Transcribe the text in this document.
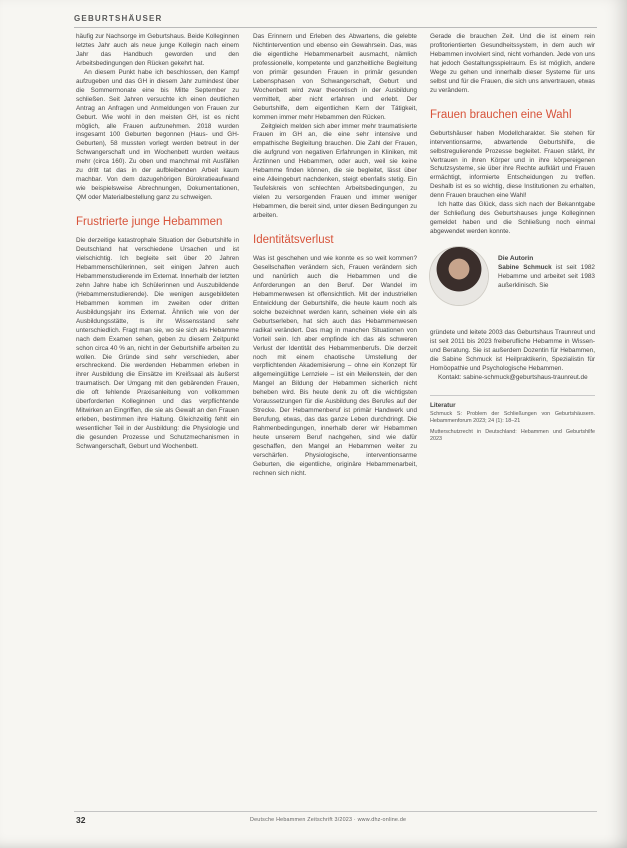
GEBURTSHÄUSER

häufig zur Nachsorge im Geburtshaus. Beide Kolleginnen letztes Jahr auch als neue junge Kollegin nach einem Jahr das Handbuch geworden und den Arbeitsbedingungen den Rücken gekehrt hat.

An diesem Punkt habe ich beschlossen, den Kampf aufzugeben und das GH in diesem Jahr zumindest über die Sommermonate eine bis Mitte September zu schließen. Seit Jahren versuchte ich einen deutlichen Antrag an Anfragen und Anmeldungen von Frauen zur Geburt. Wie wohl in den meisten GH, ist es nicht möglich, alle Frauen aufzunehmen. 2018 wurden insgesamt 100 Geburten begonnen (Haus- und GH-Geburten), 58 mussten vorlegt werden betreut in der Schwangerschaft und im Wochenbett wurden weitaus mehr (circa 160). Zu oben und manchmal mit Ausfällen zu dritt tat das in der aufbleibenden Arbeit kaum machbar. Von dem dazugehörigen Bürokratieaufwand wie beispielsweise Abrechnungen, Dokumentationen, QM oder Materialbestellung ganz zu schweigen.

Frustrierte junge Hebammen

Die derzeitige katastrophale Situation der Geburtshilfe in Deutschland hat verschiedene Ursachen und ist vielschichtig. Ich begleite seit über 20 Jahren Hebammenschülerinnen, seit einigen Jahren auch Hebammenstudierende im Externat. Innerhalb der letzten zehn Jahre habe ich Schülerinnen und Auszubildende (Hebammenstudierende). Die wenigen ausgebildeten Hebammen kommen im zweiten oder dritten Ausbildungsjahr ins Externat. Ähnlich wie von der Ausbildungsstätte, is ihr Wissensstand sehr unterschiedlich. Fragt man sie, wo sie sich als Hebamme nach dem Examen sehen, geben zu diesem Zeitpunkt schon circa 40 % an, nicht in der Geburtshilfe arbeiten zu wollen. Die Gründe sind sehr verschieden, aber erschreckend. Die werdenden Hebammen erleben in ihrer Ausbildung die Einsätze im Kreißsaal als äußerst traumatisch. Der Umgang mit den gebärenden Frauen, die oft fehlende Praxisanleitung von vollkommen überforderten Kolleginnen und das verpflichtende Mitwirken an Eingriffen, die sie als Gewalt an den Frauen erleben, bestimmen ihre Haltung. Gleichzeitig fehlt ein wesentlicher Teil in der Ausbildung: die Physiologie und die gesunden Prozesse und Schutzmechanismen in Schwangerschaft, Geburt und Wochenbett.

Das Erinnern und Erleben des Abwartens, die gelebte Nichtintervention und ebenso ein Gewahrsein. Das, was die eigentliche Hebammenarbeit ausmacht, nämlich professionelle, kompetente und ganzheitliche Begleitung von primär gesunden Frauen in primär gesunden Lebensphasen von Schwangerschaft, Geburt und Wochenbett wird zwar theoretisch in der Ausbildung vermittelt, aber nicht erfahren und erlebt. Der Geburtshilfe, dem eigentlichen Kern der Tätigkeit, kommen immer mehr Hebammen den Rücken.

Zeitgleich melden sich aber immer mehr traumatisierte Frauen im GH an, die eine sehr intensive und empathische Begleitung brauchen. Die Zahl der Frauen, die aufgrund von negativen Erfahrungen in Kliniken, mit Ärztinnen und Hebammen, oder auch, weil sie keine Hebamme finden können, die sie begleitet, lässt über eine Alleingeburt nachdenken, steigt ebenfalls stetig. Ein Teufelskreis von schlechten Arbeitsbedingungen, zu vielen zu versorgenden Frauen und immer weniger Hebammen, die bereit sind, unter diesen Bedingungen zu arbeiten.

Identitätsverlust

Was ist geschehen und wie konnte es so weit kommen? Gesellschaften verändern sich, Frauen verändern sich und nanürlich auch die Hebammen und die Anforderungen an den Beruf. Der Wandel im Hebammenwesen ist offensichtlich. Mit der industriellen Entwicklung der Geburtshilfe, die heute kaum noch als solche bezeichnet werden kann, scheinen viele ein als Geburtserleben, hat sich auch das Hebammenwesen radikal verändert. Das mag in manchen Situationen von Vorteil sein. Ich aber empfinde ich das als schweren Verlust der Identität des Hebammenberufs. Die derzeit noch mit einem chaotische Umstellung der verpflichtenden Akademisierung – ohne ein Konzept für allgemeingültige Lernziele – ist ein Meilenstein, der den Mangel an Bildung der Hebammen sicherlich nicht beheben wird. Bis heute denk zu oft die wichtigsten Voraussetzungen für die Ausbildung des Berufes auf der Strecke. Der Hebammenberuf ist primär Handwerk und Berufung, etwas, das das ganze Leben durchdringt. Die Rahmenbedingungen, innerhalb derer wir Hebammen heute unserem Beruf nachgehen, sind wie dafür geschaffen, den Mangel an Hebammen weiter zu verschärfen. Physiologische, interventionsarme Geburten, die eigentliche, originäre Hebammenarbeit, rechnen sich nicht.

Gerade die brauchen Zeit. Und die ist einem rein profitorientierten Gesundheitssystem, in dem auch wir Hebammen involviert sind, nicht vorhanden. Jede von uns hat jedoch Gestaltungsspielraum. Es ist möglich, andere Wege zu gehen und innerhalb dieser Systeme für uns selbst und für die Frauen, die sich uns anvertrauen, etwas zu verändern.

Frauen brauchen eine Wahl

Geburtshäuser haben Modellcharakter. Sie stehen für interventionsarme, abwartende Geburtshilfe, die selbstregulierende Prozesse begleitet. Frauen stärkt, ihr Vertrauen in ihren Körper und in ihre körpereigenen Schutzsysteme, sie über ihre Rechte aufklärt und Frauen ermächtigt, informierte Entscheidungen zu treffen. Deshalb ist es so wichtig, diese Institutionen zu erhalten, denn Frauen brauchen eine Wahl!

Ich hatte das Glück, dass sich nach der Bekanntgabe der Schließung des Geburtshauses junge Kolleginnen gemeldet haben und die Schließung noch einmal abgewendet werden konnte.

Die Autorin
Sabine Schmuck ist seit 1982 Hebamme und arbeitet seit 1983 außerklinisch. Sie

gründete und leitete 2003 das Geburtshaus Traunreut und ist seit 2011 bis 2023 freiberufliche Hebamme in Wissen- und Beratung. Sie ist außerdem Dozentin für Hebammen, die Sabine Schmuck ist Heilpraktikerin, Spezialistin für Homöopathie und Psychologische Hebammen.

Kontakt: sabine-schmuck@geburtshaus-traunreut.de

Literatur
Schmuck S: Problem der Schließungen von Geburtshäusern. Hebammenforum 2023; 24 (1): 18–21
Mutterschutzrecht in Deutschland: Hebammen und Geburtshilfe 2023
32	Deutsche Hebammen Zeitschrift 3/2023 · www.dhz-online.de
